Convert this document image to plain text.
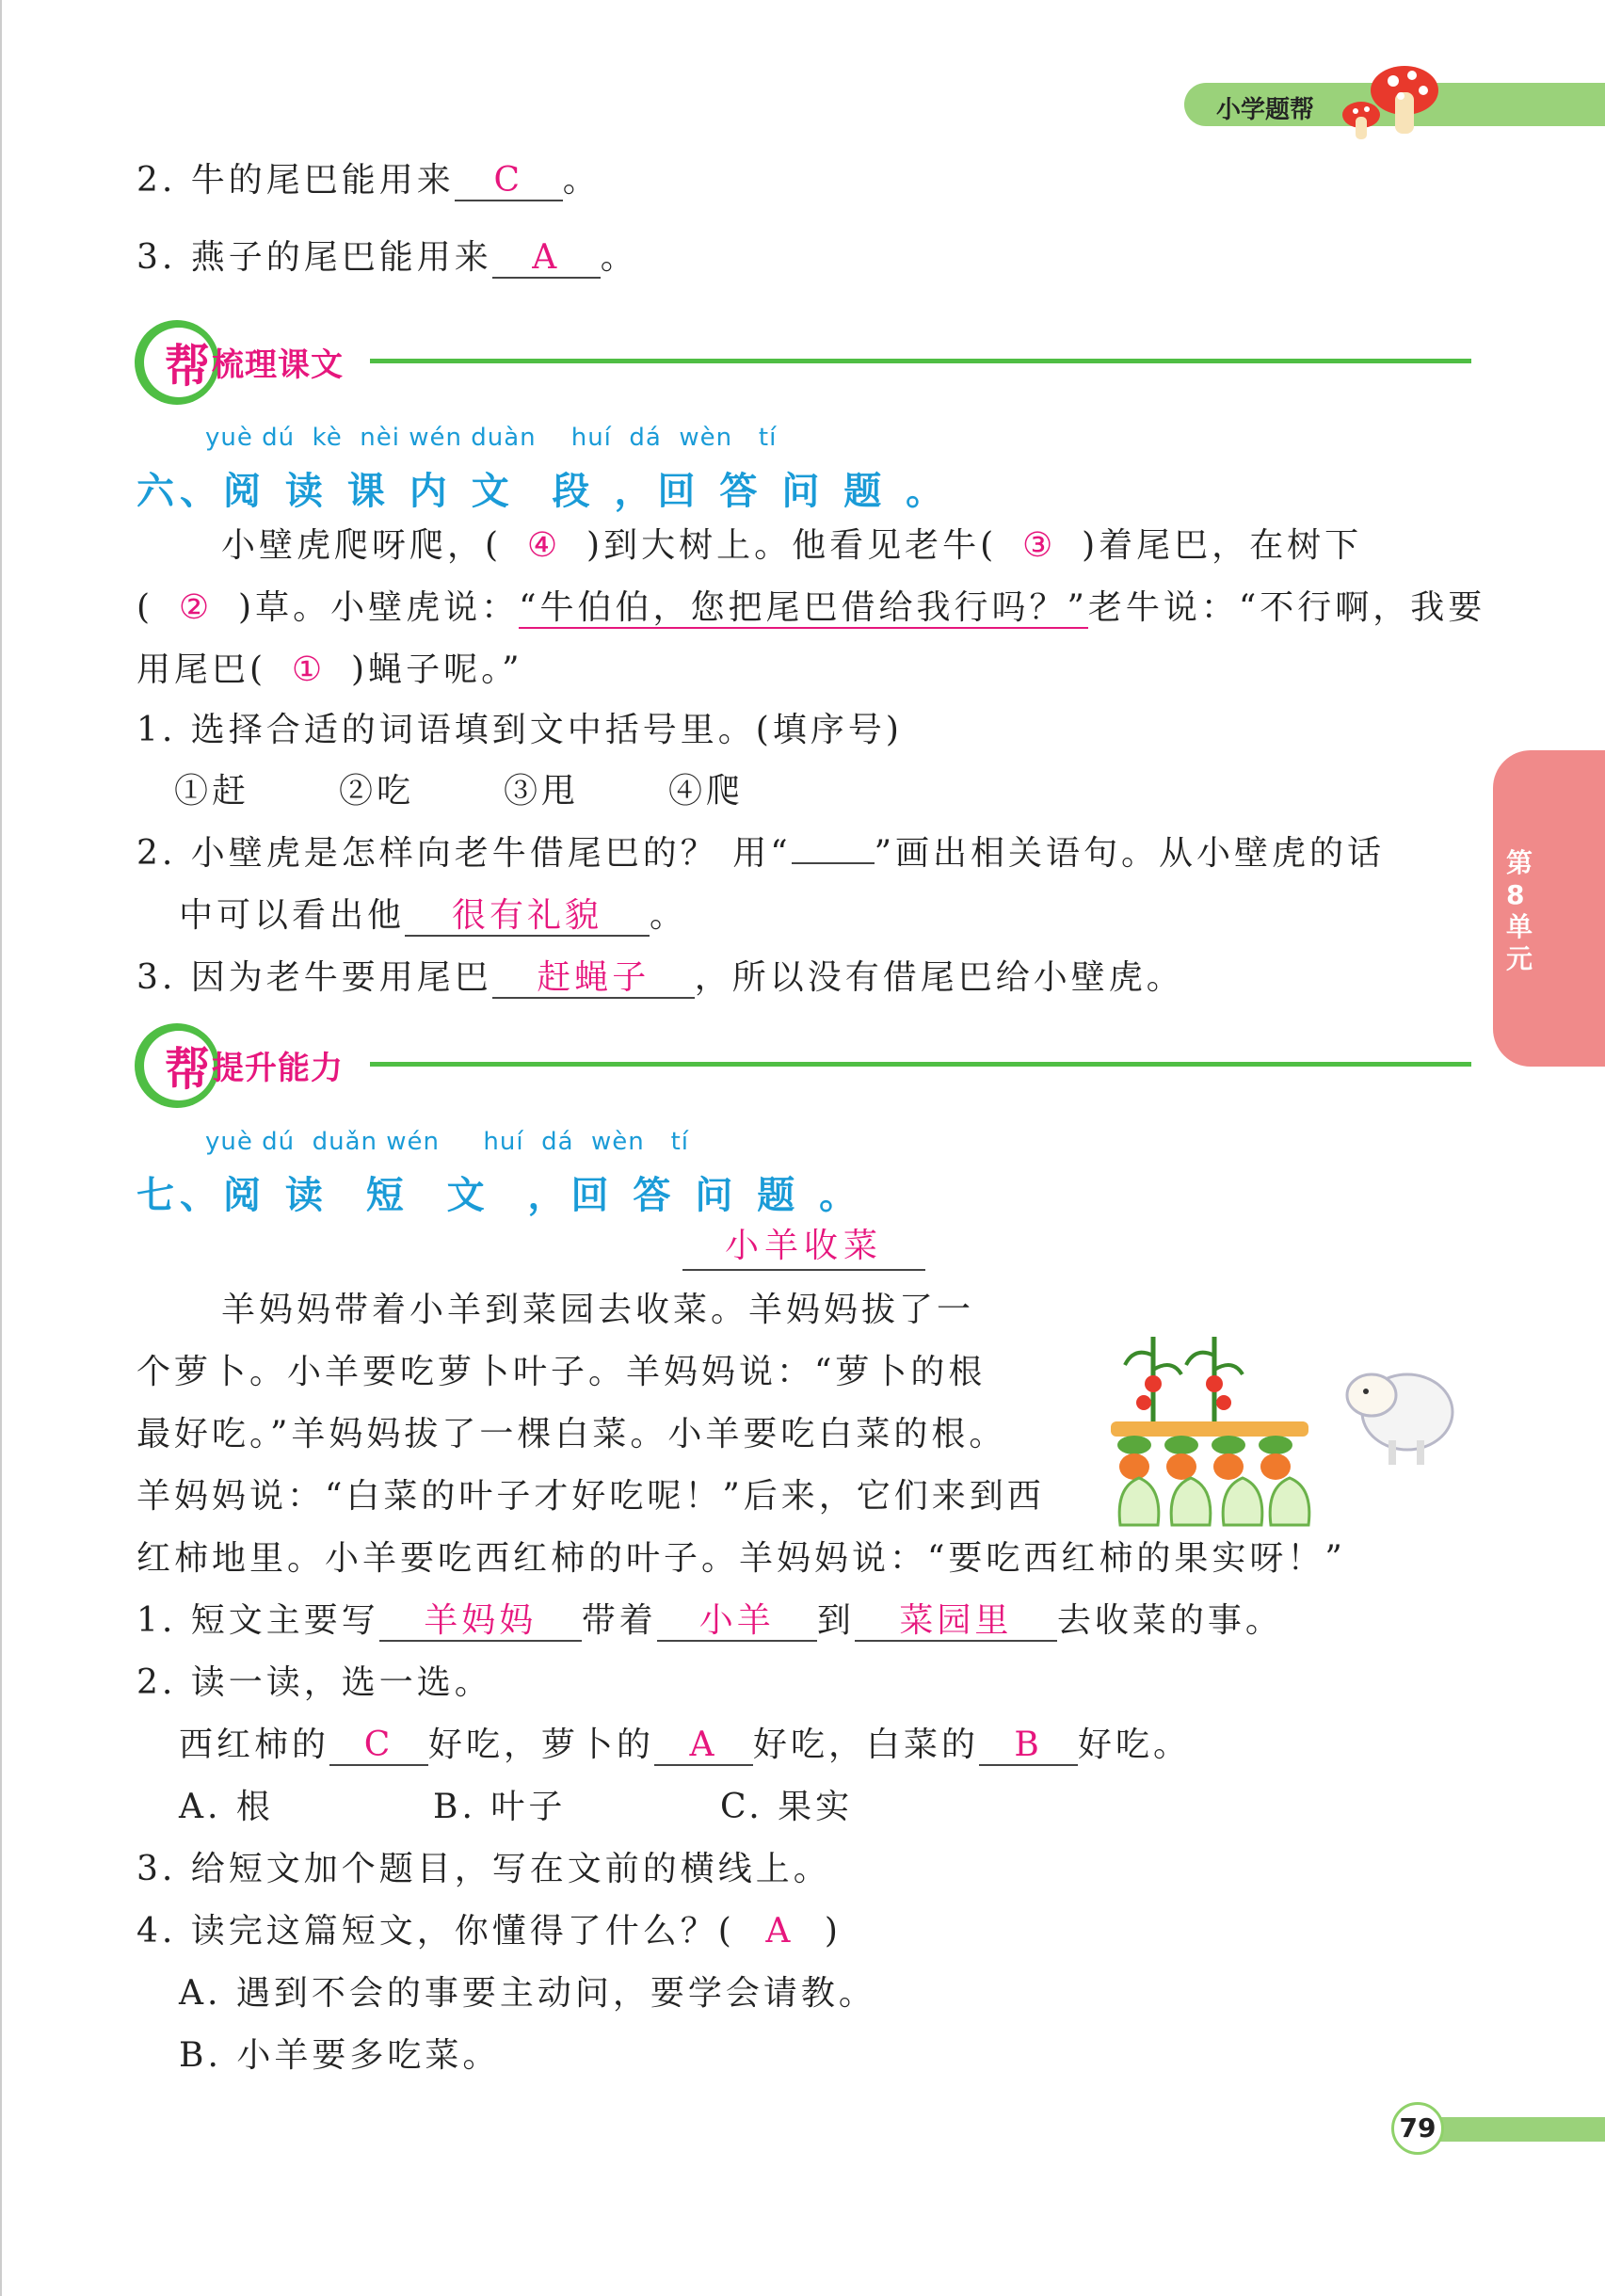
小学题帮
第8单元
2. 牛的尾巴能用来 C 。
3. 燕子的尾巴能用来 A 。
帮 梳理课文
yuè dú  kè  nèi wén duàn    huí  dá  wèn   tí
六、阅 读 课 内 文  段 ，回 答 问 题 。
小壁虎爬呀爬，( ④ )到大树上。他看见老牛( ③ )着尾巴，在树下
( ② )草。小壁虎说：“牛伯伯，您把尾巴借给我行吗？”老牛说：“不行啊，我要
用尾巴( ① )蝇子呢。”
1. 选择合适的词语填到文中括号里。(填序号)
①赶	②吃	③甩	④爬
2. 小壁虎是怎样向老牛借尾巴的？ 用“ ”画出相关语句。从小壁虎的话
中可以看出他 很有礼貌 。
3. 因为老牛要用尾巴 赶蝇子 ，所以没有借尾巴给小壁虎。
帮 提升能力
yuè dú  duǎn wén     huí  dá  wèn   tí
七、阅 读  短  文  ，回 答 问 题 。
小羊收菜
羊妈妈带着小羊到菜园去收菜。羊妈妈拔了一
个萝卜。小羊要吃萝卜叶子。羊妈妈说：“萝卜的根
最好吃。”羊妈妈拔了一棵白菜。小羊要吃白菜的根。
羊妈妈说：“白菜的叶子才好吃呢！”后来，它们来到西
红柿地里。小羊要吃西红柿的叶子。羊妈妈说：“要吃西红柿的果实呀！”
1. 短文主要写 羊妈妈 带着 小羊 到 菜园里 去收菜的事。
2. 读一读，选一选。
西红柿的 C 好吃，萝卜的 A 好吃，白菜的 B 好吃。
A. 根	B. 叶子	C. 果实
3. 给短文加个题目，写在文前的横线上。
4. 读完这篇短文，你懂得了什么？( A )
A. 遇到不会的事要主动问，要学会请教。
B. 小羊要多吃菜。
79
